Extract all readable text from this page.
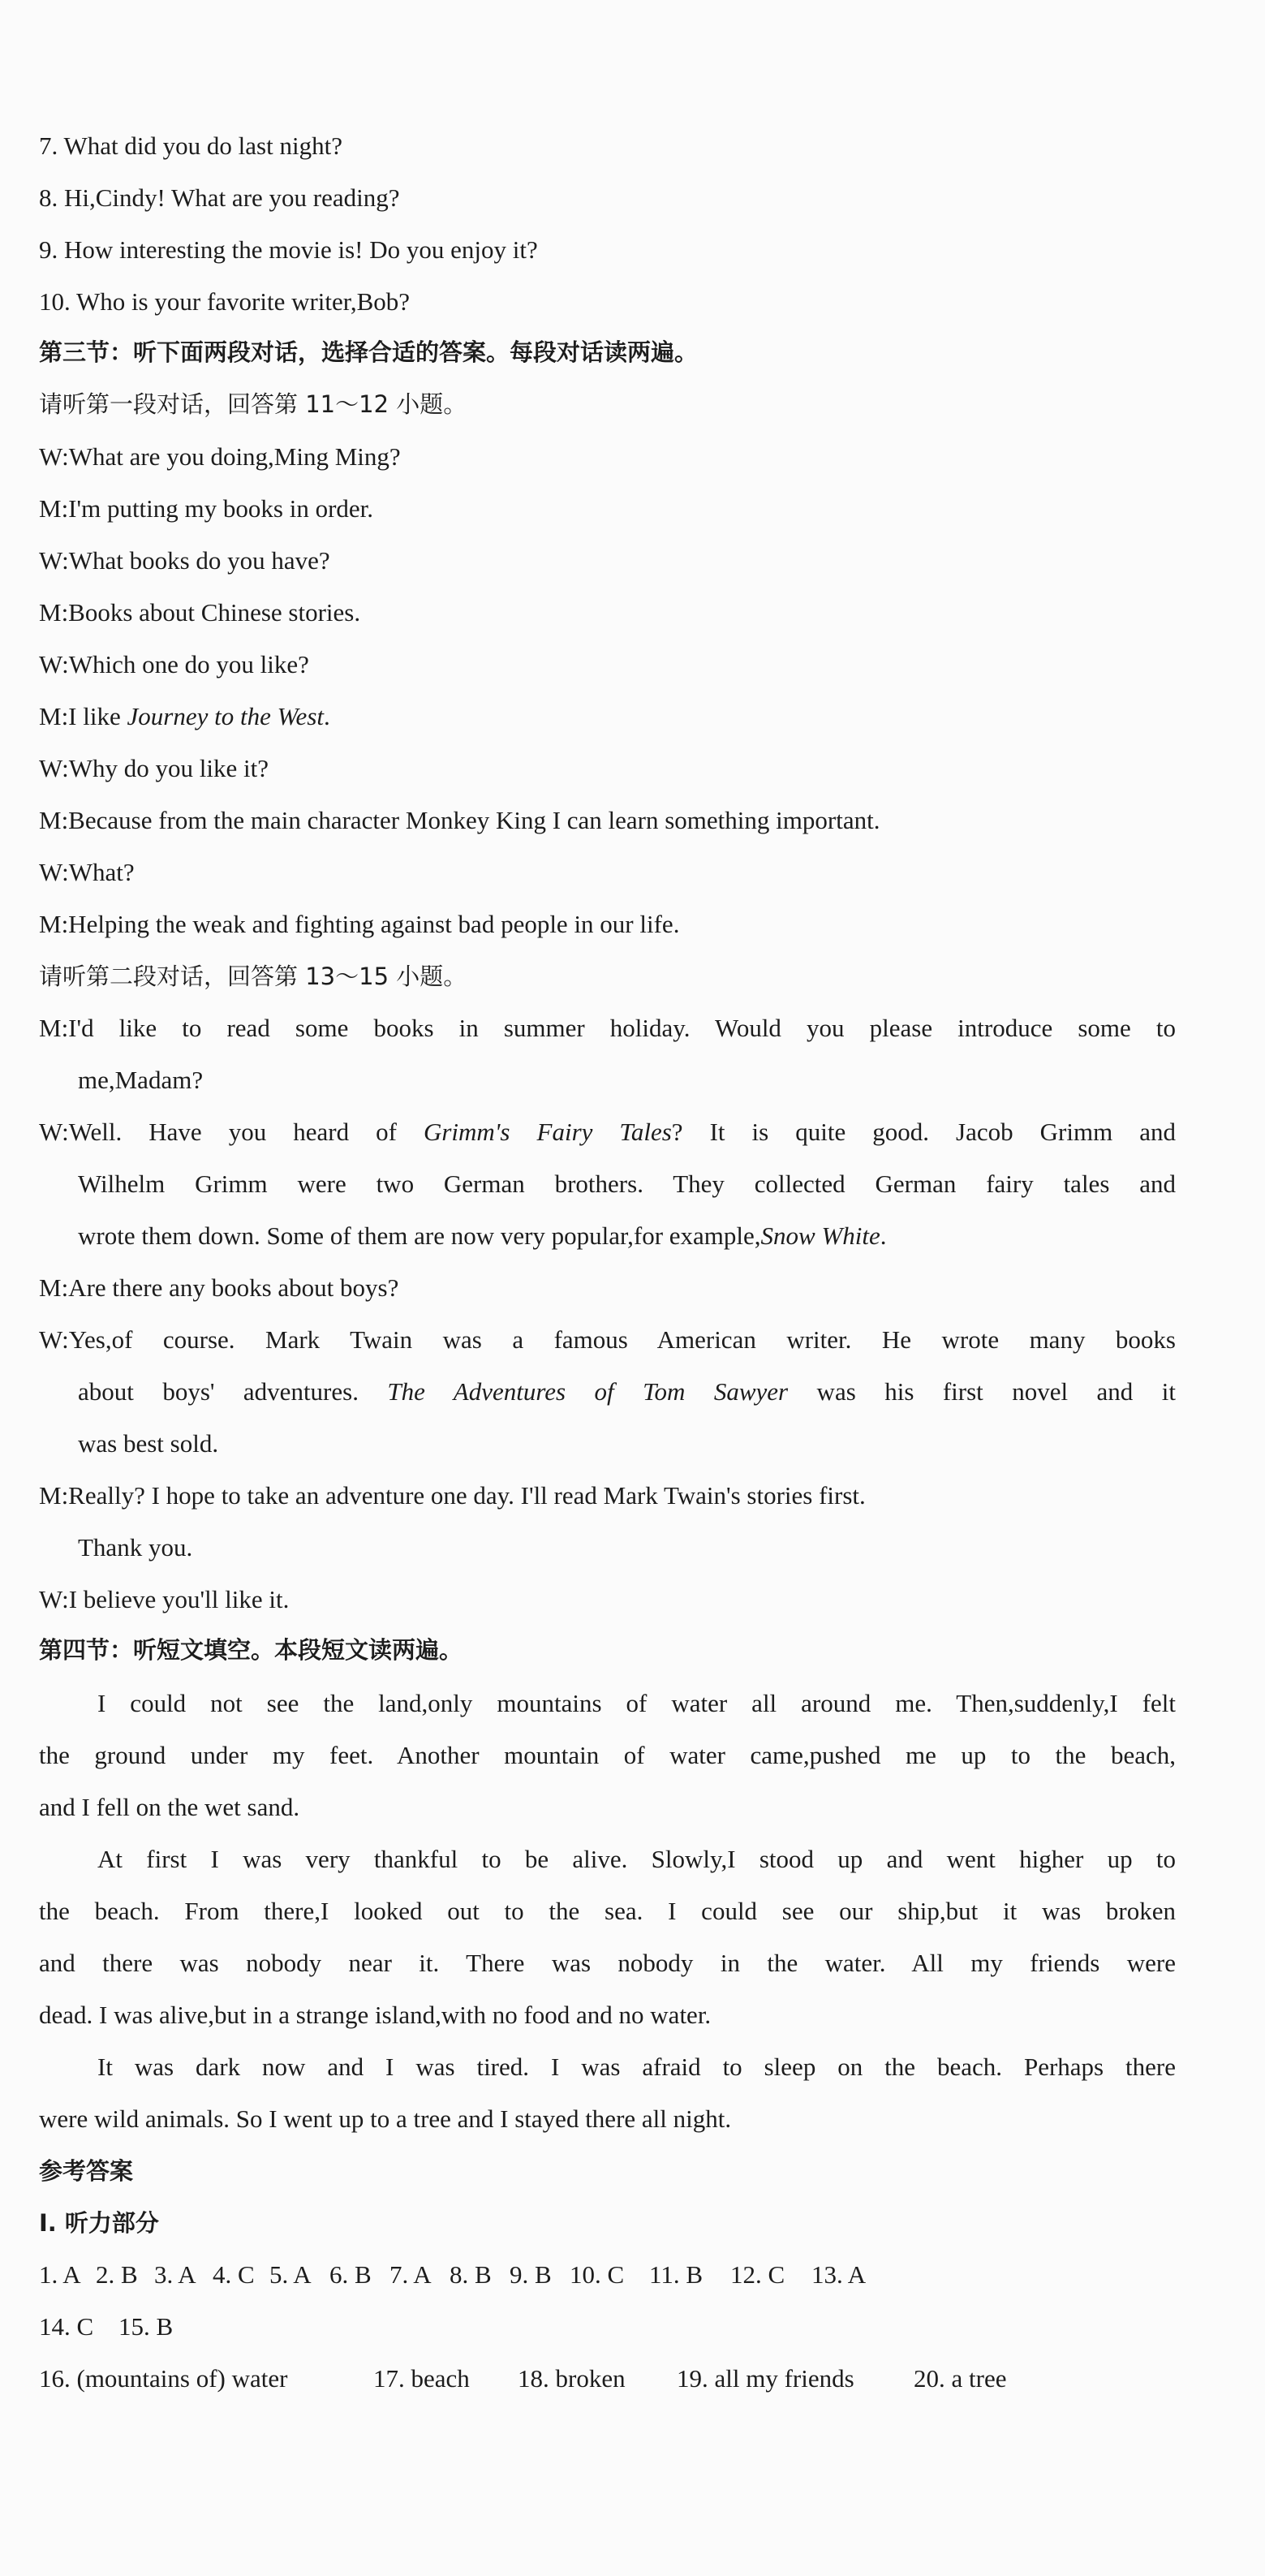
7. What did you do last night?
8. Hi,Cindy! What are you reading?
9. How interesting the movie is! Do you enjoy it?
10. Who is your favorite writer,Bob?
第三节：听下面两段对话，选择合适的答案。每段对话读两遍。
请听第一段对话，回答第 11～12 小题。
W:What are you doing,Ming Ming?
M:I'm putting my books in order.
W:What books do you have?
M:Books about Chinese stories.
W:Which one do you like?
M:I like Journey to the West.
W:Why do you like it?
M:Because from the main character Monkey King I can learn something important.
W:What?
M:Helping the weak and fighting against bad people in our life.
请听第二段对话，回答第 13～15 小题。
M:I'd like to read some books in summer holiday. Would you please introduce some to
me,Madam?
W:Well. Have you heard of Grimm's Fairy Tales? It is quite good. Jacob Grimm and
Wilhelm Grimm were two German brothers. They collected German fairy tales and
wrote them down. Some of them are now very popular,for example,Snow White.
M:Are there any books about boys?
W:Yes,of course. Mark Twain was a famous American writer. He wrote many books
about boys' adventures. The Adventures of Tom Sawyer was his first novel and it
was best sold.
M:Really? I hope to take an adventure one day. I'll read Mark Twain's stories first.
Thank you.
W:I believe you'll like it.
第四节：听短文填空。本段短文读两遍。
I could not see the land,only mountains of water all around me. Then,suddenly,I felt
the ground under my feet. Another mountain of water came,pushed me up to the beach,
and I fell on the wet sand.
At first I was very thankful to be alive. Slowly,I stood up and went higher up to
the beach. From there,I looked out to the sea. I could see our ship,but it was broken
and there was nobody near it. There was nobody in the water. All my friends were
dead. I was alive,but in a strange island,with no food and no water.
It was dark now and I was tired. I was afraid to sleep on the beach. Perhaps there
were wild animals. So I went up to a tree and I stayed there all night.
参考答案
Ⅰ. 听力部分
1. A 2. B 3. A 4. C 5. A 6. B 7. A 8. B 9. B 10. C 11. B 12. C 13. A
14. C 15. B
16. (mountains of) water	17. beach 18. broken 19. all my friends 20. a tree
